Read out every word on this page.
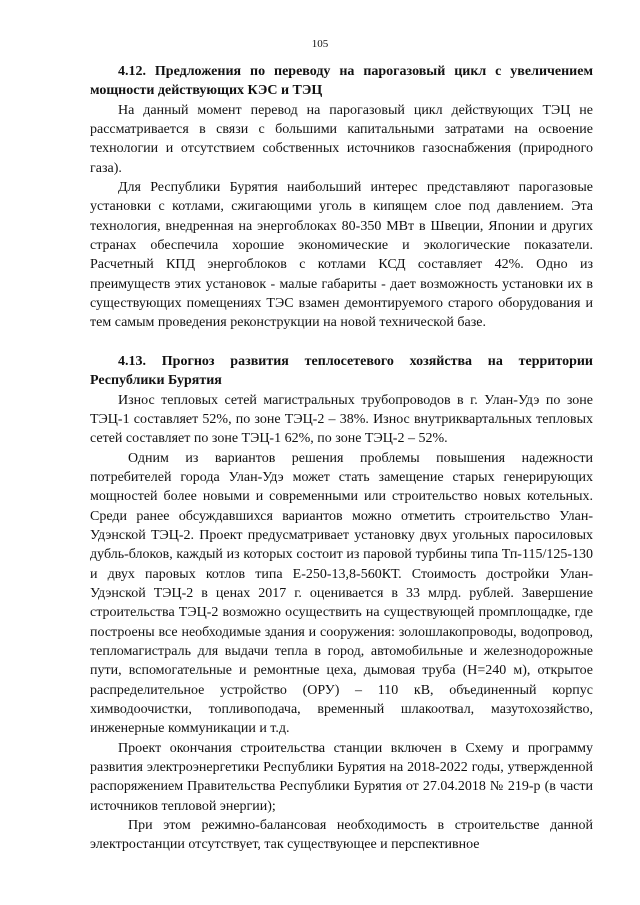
105

4.12. Предложения по переводу на парогазовый цикл с увеличением мощности действующих КЭС и ТЭЦ

На данный момент перевод на парогазовый цикл действующих ТЭЦ не рассматривается в связи с большими капитальными затратами на освоение технологии и отсутствием собственных источников газоснабжения (природного газа).

Для Республики Бурятия наибольший интерес представляют парогазовые установки с котлами, сжигающими уголь в кипящем слое под давлением. Эта технология, внедренная на энергоблоках 80-350 МВт в Швеции, Японии и других странах обеспечила хорошие экономические и экологические показатели. Расчетный КПД энергоблоков с котлами КСД составляет 42%. Одно из преимуществ этих установок - малые габариты - дает возможность установки их в существующих помещениях ТЭС взамен демонтируемого старого оборудования и тем самым проведения реконструкции на новой технической базе.

4.13. Прогноз развития теплосетевого хозяйства на территории Республики Бурятия

Износ тепловых сетей магистральных трубопроводов в г. Улан-Удэ по зоне ТЭЦ-1 составляет 52%, по зоне ТЭЦ-2 – 38%. Износ внутриквартальных тепловых сетей составляет по зоне ТЭЦ-1 62%, по зоне ТЭЦ-2 – 52%.

Одним из вариантов решения проблемы повышения надежности потребителей города Улан-Удэ может стать замещение старых генерирующих мощностей более новыми и современными или строительство новых котельных. Среди ранее обсуждавшихся вариантов можно отметить строительство Улан-Удэнской ТЭЦ-2. Проект предусматривает установку двух угольных паросиловых дубль-блоков, каждый из которых состоит из паровой турбины типа Тп-115/125-130 и двух паровых котлов типа Е-250-13,8-560КТ. Стоимость достройки Улан-Удэнской ТЭЦ-2 в ценах 2017 г. оценивается в 33 млрд. рублей. Завершение строительства ТЭЦ-2 возможно осуществить на существующей промплощадке, где построены все необходимые здания и сооружения: золошлакопроводы, водопровод, тепломагистраль для выдачи тепла в город, автомобильные и железнодорожные пути, вспомогательные и ремонтные цеха, дымовая труба (Н=240 м), открытое распределительное устройство (ОРУ) – 110 кВ, объединенный корпус химводоочистки, топливоподача, временный шлакоотвал, мазутохозяйство, инженерные коммуникации и т.д.

Проект окончания строительства станции включен в Схему и программу развития электроэнергетики Республики Бурятия на 2018-2022 годы, утвержденной распоряжением Правительства Республики Бурятия от 27.04.2018 № 219-р (в части источников тепловой энергии);

При этом режимно-балансовая необходимость в строительстве данной электростанции отсутствует, так существующее и перспективное
